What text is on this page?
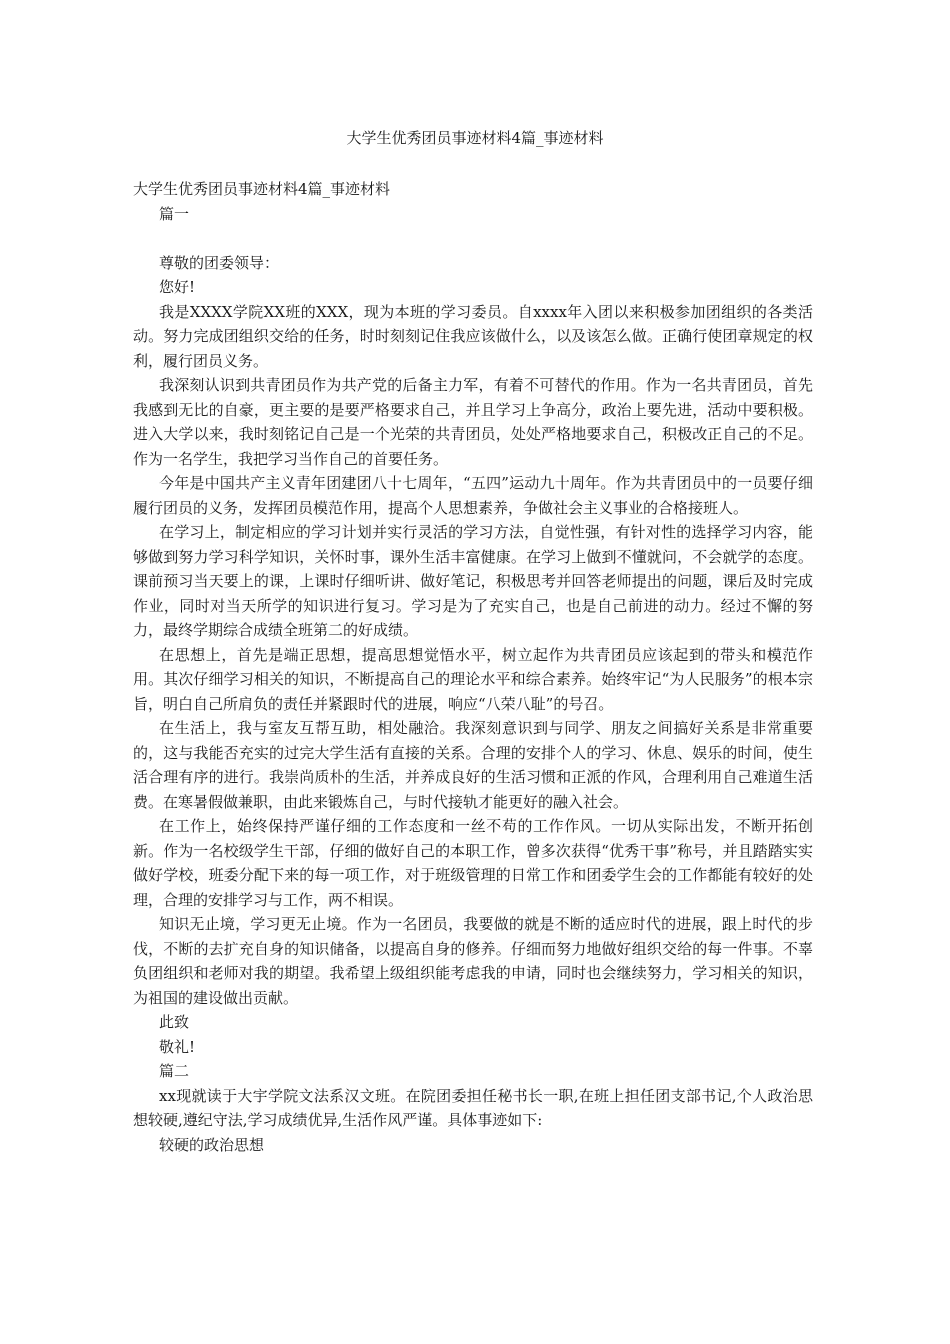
大学生优秀团员事迹材料4篇_事迹材料

大学生优秀团员事迹材料4篇_事迹材料

篇一

尊敬的团委领导：

您好!

我是XXXX学院XX班的XXX，现为本班的学习委员。自xxxx年入团以来积极参加团组织的各类活动。努力完成团组织交给的任务，时时刻刻记住我应该做什么，以及该怎么做。正确行使团章规定的权利，履行团员义务。

我深刻认识到共青团员作为共产党的后备主力军，有着不可替代的作用。作为一名共青团员，首先我感到无比的自豪，更主要的是要严格要求自己，并且学习上争高分，政治上要先进，活动中要积极。进入大学以来，我时刻铭记自己是一个光荣的共青团员，处处严格地要求自己，积极改正自己的不足。作为一名学生，我把学习当作自己的首要任务。

今年是中国共产主义青年团建团八十七周年，“五四”运动九十周年。作为共青团员中的一员要仔细履行团员的义务，发挥团员模范作用，提高个人思想素养，争做社会主义事业的合格接班人。

在学习上，制定相应的学习计划并实行灵活的学习方法，自觉性强，有针对性的选择学习内容，能够做到努力学习科学知识，关怀时事，课外生活丰富健康。在学习上做到不懂就问，不会就学的态度。课前预习当天要上的课，上课时仔细听讲、做好笔记，积极思考并回答老师提出的问题，课后及时完成作业，同时对当天所学的知识进行复习。学习是为了充实自己，也是自己前进的动力。经过不懈的努力，最终学期综合成绩全班第二的好成绩。

在思想上，首先是端正思想，提高思想觉悟水平，树立起作为共青团员应该起到的带头和模范作用。其次仔细学习相关的知识，不断提高自己的理论水平和综合素养。始终牢记“为人民服务”的根本宗旨，明白自己所肩负的责任并紧跟时代的进展，响应“八荣八耻”的号召。

在生活上，我与室友互帮互助，相处融洽。我深刻意识到与同学、朋友之间搞好关系是非常重要的，这与我能否充实的过完大学生活有直接的关系。合理的安排个人的学习、休息、娱乐的时间，使生活合理有序的进行。我崇尚质朴的生活，并养成良好的生活习惯和正派的作风，合理利用自己难道生活费。在寒暑假做兼职，由此来锻炼自己，与时代接轨才能更好的融入社会。

在工作上，始终保持严谨仔细的工作态度和一丝不苟的工作作风。一切从实际出发，不断开拓创新。作为一名校级学生干部，仔细的做好自己的本职工作，曾多次获得“优秀干事”称号，并且踏踏实实做好学校，班委分配下来的每一项工作，对于班级管理的日常工作和团委学生会的工作都能有较好的处理，合理的安排学习与工作，两不相误。

知识无止境，学习更无止境。作为一名团员，我要做的就是不断的适应时代的进展，跟上时代的步伐，不断的去扩充自身的知识储备，以提高自身的修养。仔细而努力地做好组织交给的每一件事。不辜负团组织和老师对我的期望。我希望上级组织能考虑我的申请，同时也会继续努力，学习相关的知识，为祖国的建设做出贡献。

此致

敬礼!

篇二

xx现就读于大宇学院文法系汉文班。在院团委担任秘书长一职,在班上担任团支部书记,个人政治思想较硬,遵纪守法,学习成绩优异,生活作风严谨。具体事迹如下:

较硬的政治思想
